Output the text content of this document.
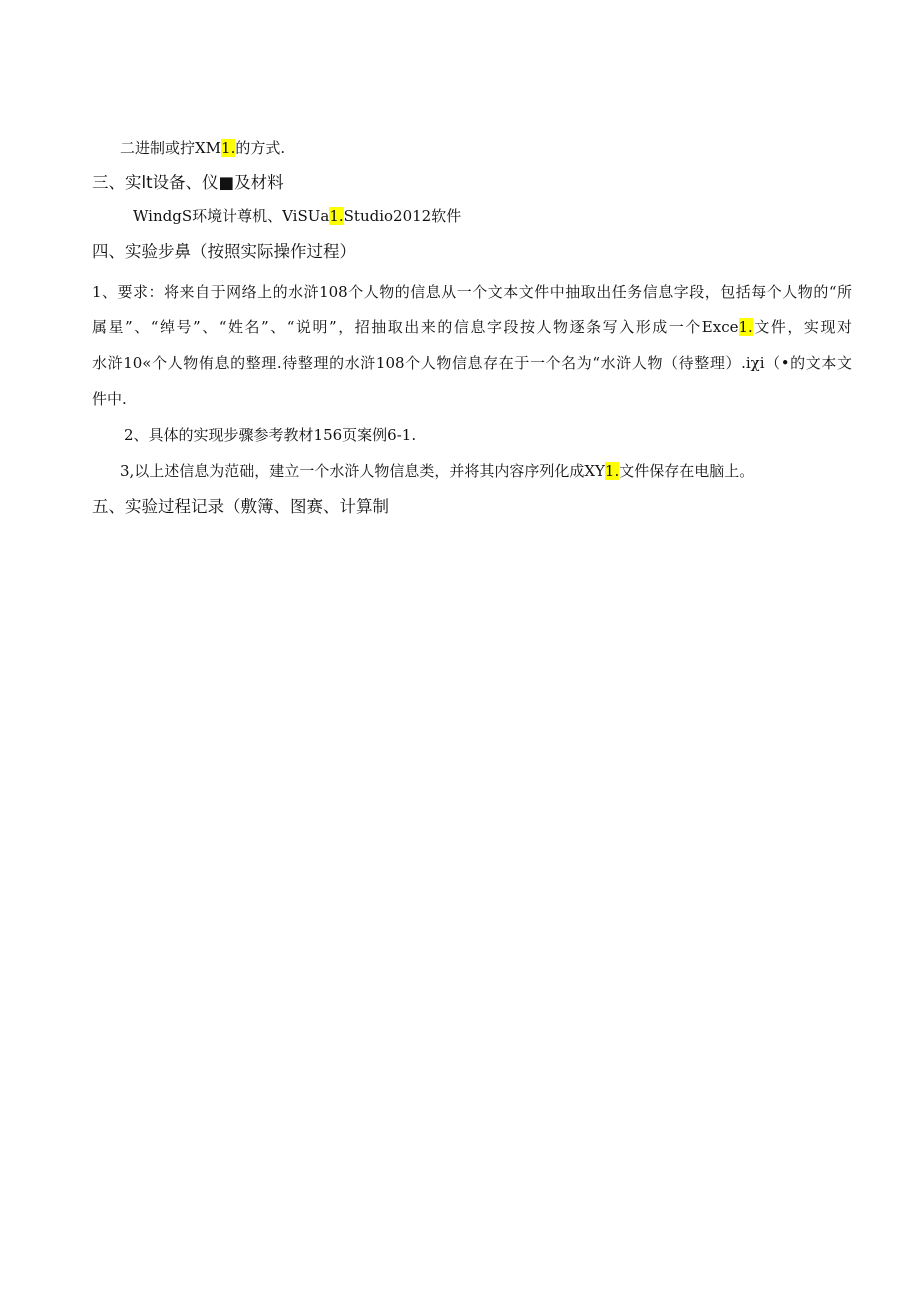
二进制或拧XM1.的方式.
三、实lt设备、仪■及材料
WindgS环境计尊机、ViSUa1.Studio2012软件
四、实验步鼻（按照实际操作过程）
1、要求：将来自于网络上的水浒108个人物的信息从一个文本文件中抽取出任务信息字段，包括每个人物的“所
属星”、“绰号”、“姓名”、“说明”，招抽取出来的信息字段按人物逐条写入形成一个Exce1.文件，实现对
水浒10«个人物侑息的整理.待整理的水浒108个人物信息存在于一个名为“水浒人物（待整理）.iχi（•的文本文
件中.
2、具体的实现步骤参考教材156页案例6-1.
3,以上述信息为范础，建立一个水浒人物信息类，并将其内容序列化成XY1.文件保存在电脑上。
五、实验过程记录（敷簿、图赛、计算制
